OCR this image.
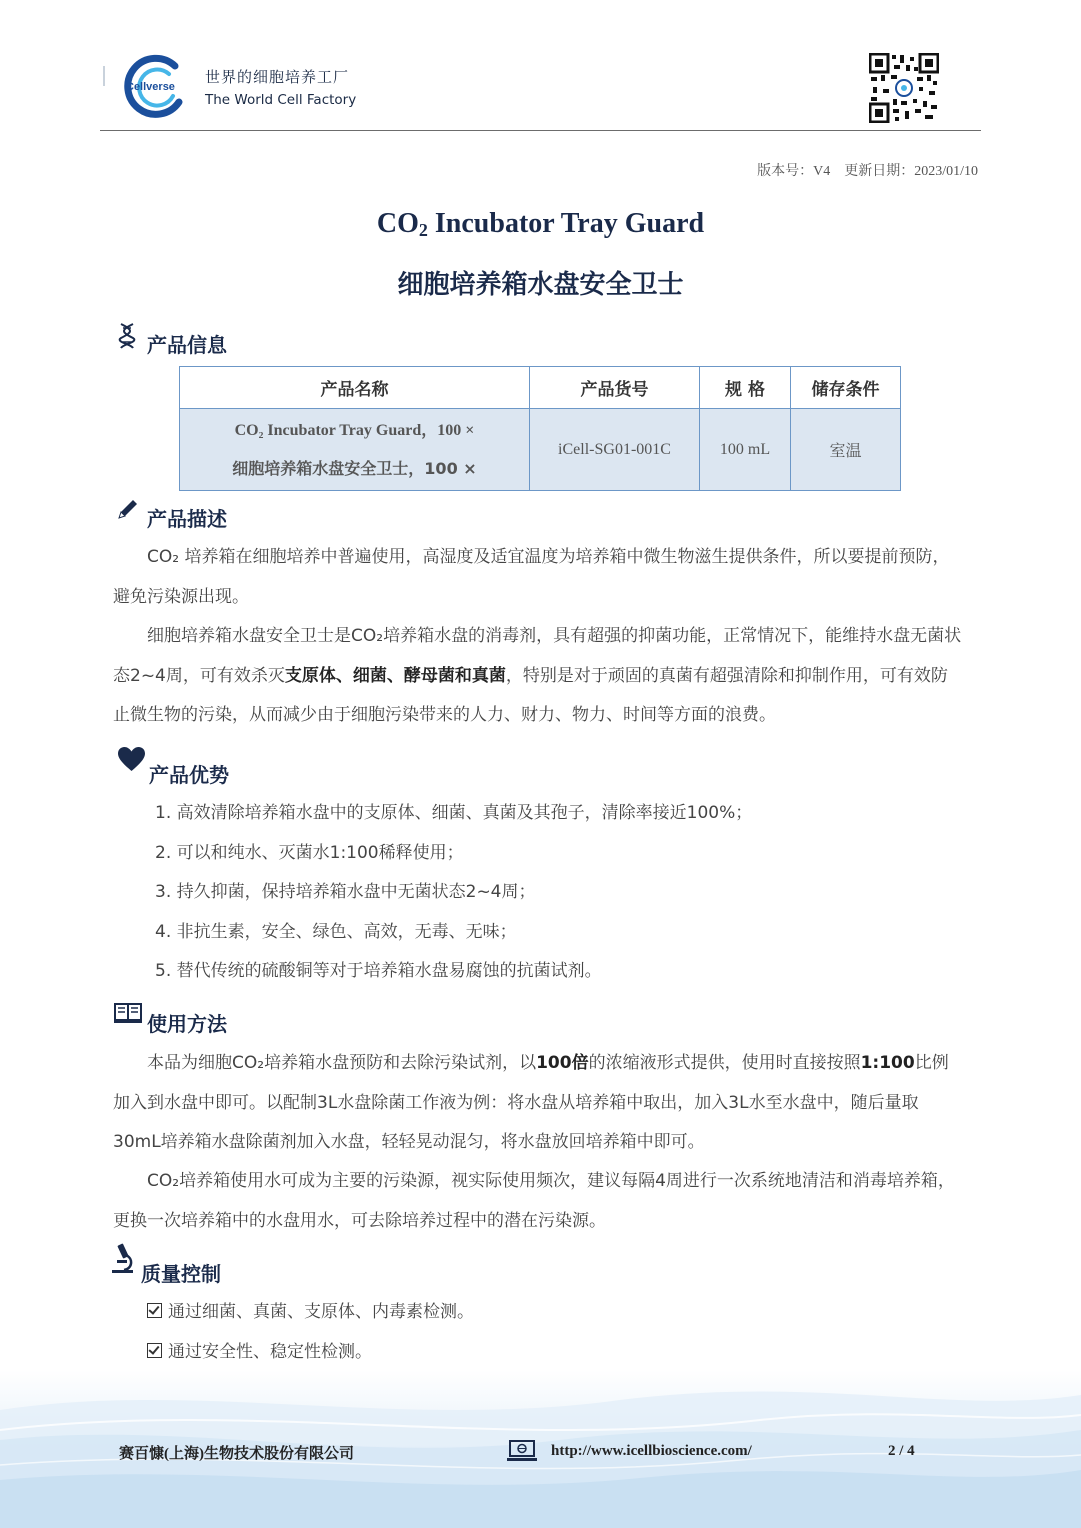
Cellverse
世界的细胞培养工厂
The World Cell Factory
版本号：V4　更新日期：2023/01/10
CO2 Incubator Tray Guard
细胞培养箱水盘安全卫士
产品信息
产品名称	产品货号	规 格	储存条件

CO₂ Incubator Tray Guard，100 ×
细胞培养箱水盘安全卫士，100 ×	iCell-SG01-001C	100 mL	室温
产品描述
CO₂ 培养箱在细胞培养中普遍使用，高湿度及适宜温度为培养箱中微生物滋生提供条件，所以要提前预防，避免污染源出现。
细胞培养箱水盘安全卫士是CO₂培养箱水盘的消毒剂，具有超强的抑菌功能，正常情况下，能维持水盘无菌状态2~4周，可有效杀灭支原体、细菌、酵母菌和真菌，特别是对于顽固的真菌有超强清除和抑制作用，可有效防止微生物的污染，从而减少由于细胞污染带来的人力、财力、物力、时间等方面的浪费。
产品优势
1. 高效清除培养箱水盘中的支原体、细菌、真菌及其孢子，清除率接近100%；
2. 可以和纯水、灭菌水1:100稀释使用；
3. 持久抑菌，保持培养箱水盘中无菌状态2~4周；
4. 非抗生素，安全、绿色、高效，无毒、无味；
5. 替代传统的硫酸铜等对于培养箱水盘易腐蚀的抗菌试剂。
使用方法
本品为细胞CO₂培养箱水盘预防和去除污染试剂，以100倍的浓缩液形式提供，使用时直接按照1:100比例加入到水盘中即可。以配制3L水盘除菌工作液为例：将水盘从培养箱中取出，加入3L水至水盘中，随后量取30mL培养箱水盘除菌剂加入水盘，轻轻晃动混匀，将水盘放回培养箱中即可。
CO₂培养箱使用水可成为主要的污染源，视实际使用频次，建议每隔4周进行一次系统地清洁和消毒培养箱，更换一次培养箱中的水盘用水，可去除培养过程中的潜在污染源。
质量控制
通过细菌、真菌、支原体、内毒素检测。
通过安全性、稳定性检测。
赛百慷(上海)生物技术股份有限公司	http://www.icellbioscience.com/	2 / 4
